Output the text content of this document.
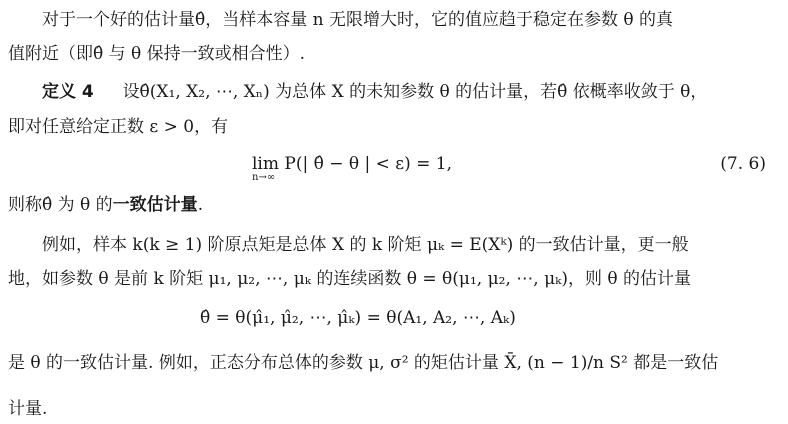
对于一个好的估计量θ̂，当样本容量 n 无限增大时，它的值应趋于稳定在参数 θ 的真
值附近（即θ̂ 与 θ 保持一致或相合性）.
定义 4 设θ̂(X₁, X₂, ⋯, Xₙ) 为总体 X 的未知参数 θ 的估计量，若θ̂ 依概率收敛于 θ，
即对任意给定正数 ε > 0，有
lim P(| θ̂ − θ | < ε) = 1,
n→∞
(7. 6)
则称θ̂ 为 θ 的一致估计量.
例如，样本 k(k ≥ 1) 阶原点矩是总体 X 的 k 阶矩 μₖ = E(Xᵏ) 的一致估计量，更一般
地，如参数 θ 是前 k 阶矩 μ₁, μ₂, ⋯, μₖ 的连续函数 θ = θ(μ₁, μ₂, ⋯, μₖ)，则 θ 的估计量
θ̂ = θ(μ̂₁, μ̂₂, ⋯, μ̂ₖ) = θ(A₁, A₂, ⋯, Aₖ)
是 θ 的一致估计量. 例如，正态分布总体的参数 μ, σ² 的矩估计量 X̄, (n − 1)/n S² 都是一致估
计量.
